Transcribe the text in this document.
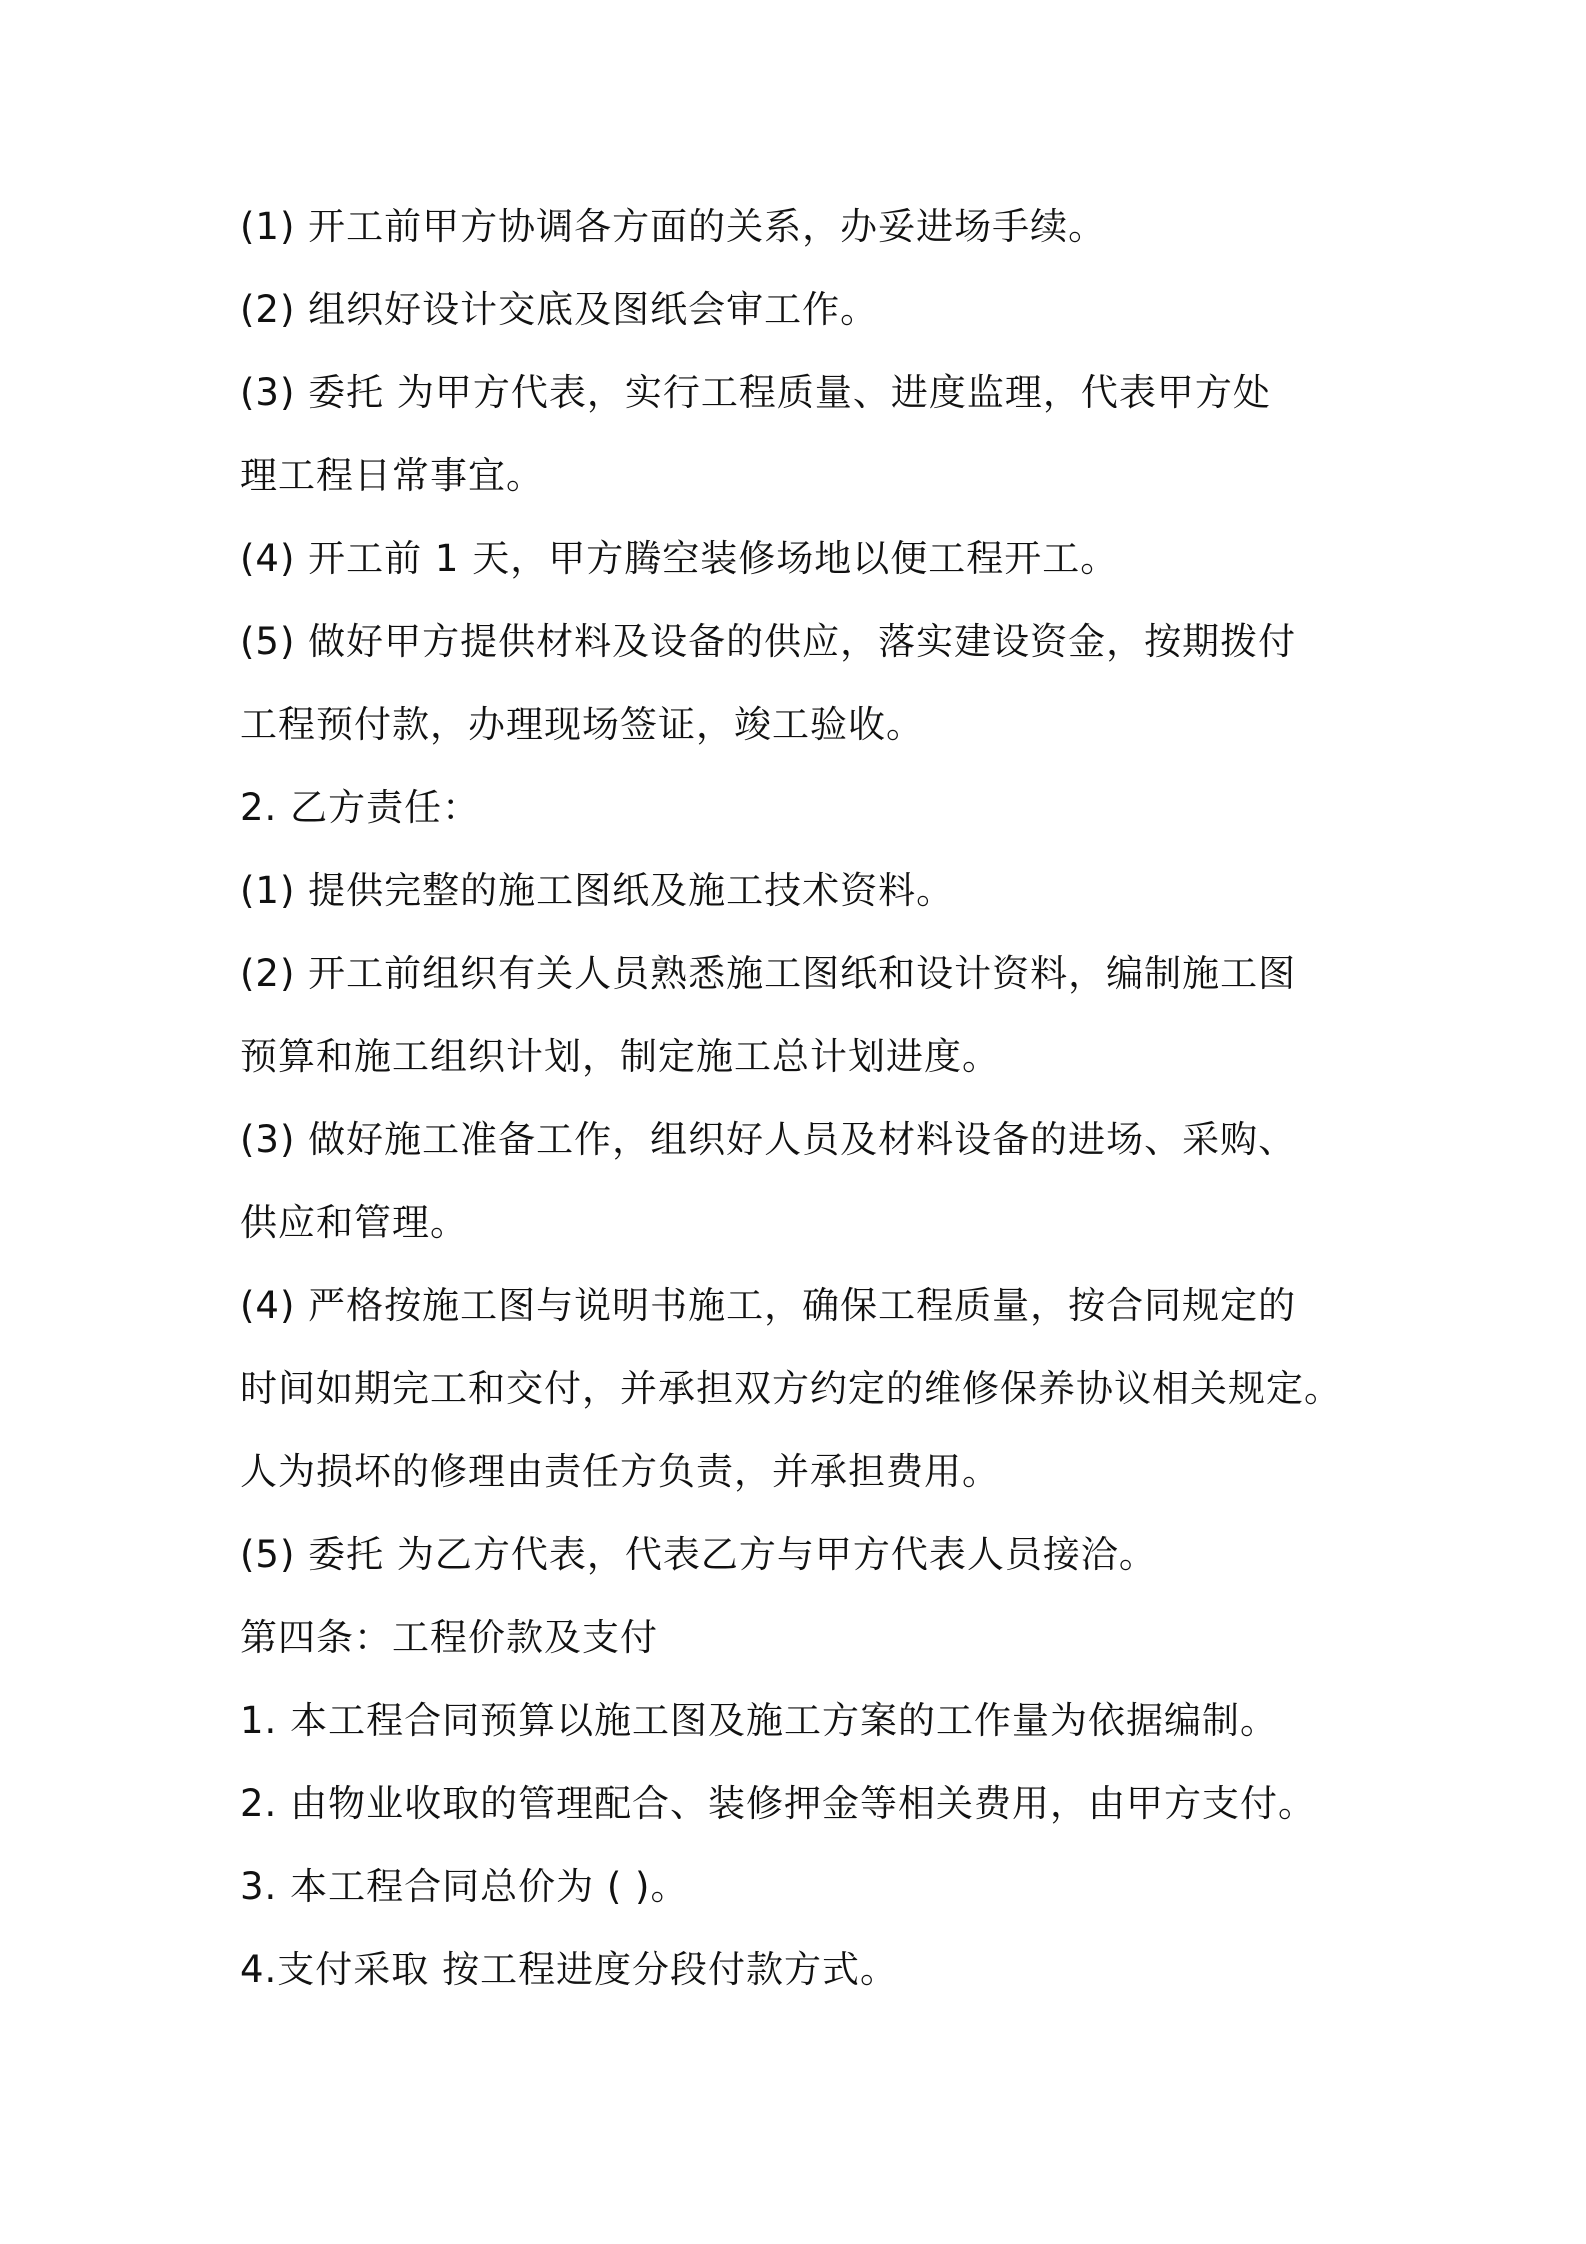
(1) 开工前甲方协调各方面的关系，办妥进场手续。
(2) 组织好设计交底及图纸会审工作。
(3) 委托 为甲方代表，实行工程质量、进度监理，代表甲方处
理工程日常事宜。
(4) 开工前 1 天，甲方腾空装修场地以便工程开工。
(5) 做好甲方提供材料及设备的供应，落实建设资金，按期拨付
工程预付款，办理现场签证，竣工验收。
2. 乙方责任：
(1) 提供完整的施工图纸及施工技术资料。
(2) 开工前组织有关人员熟悉施工图纸和设计资料，编制施工图
预算和施工组织计划，制定施工总计划进度。
(3) 做好施工准备工作，组织好人员及材料设备的进场、采购、
供应和管理。
(4) 严格按施工图与说明书施工，确保工程质量，按合同规定的
时间如期完工和交付，并承担双方约定的维修保养协议相关规定。
人为损坏的修理由责任方负责，并承担费用。
(5) 委托 为乙方代表，代表乙方与甲方代表人员接洽。
第四条：工程价款及支付
1. 本工程合同预算以施工图及施工方案的工作量为依据编制。
2. 由物业收取的管理配合、装修押金等相关费用，由甲方支付。
3. 本工程合同总价为 ( )。
4.支付采取 按工程进度分段付款方式。
